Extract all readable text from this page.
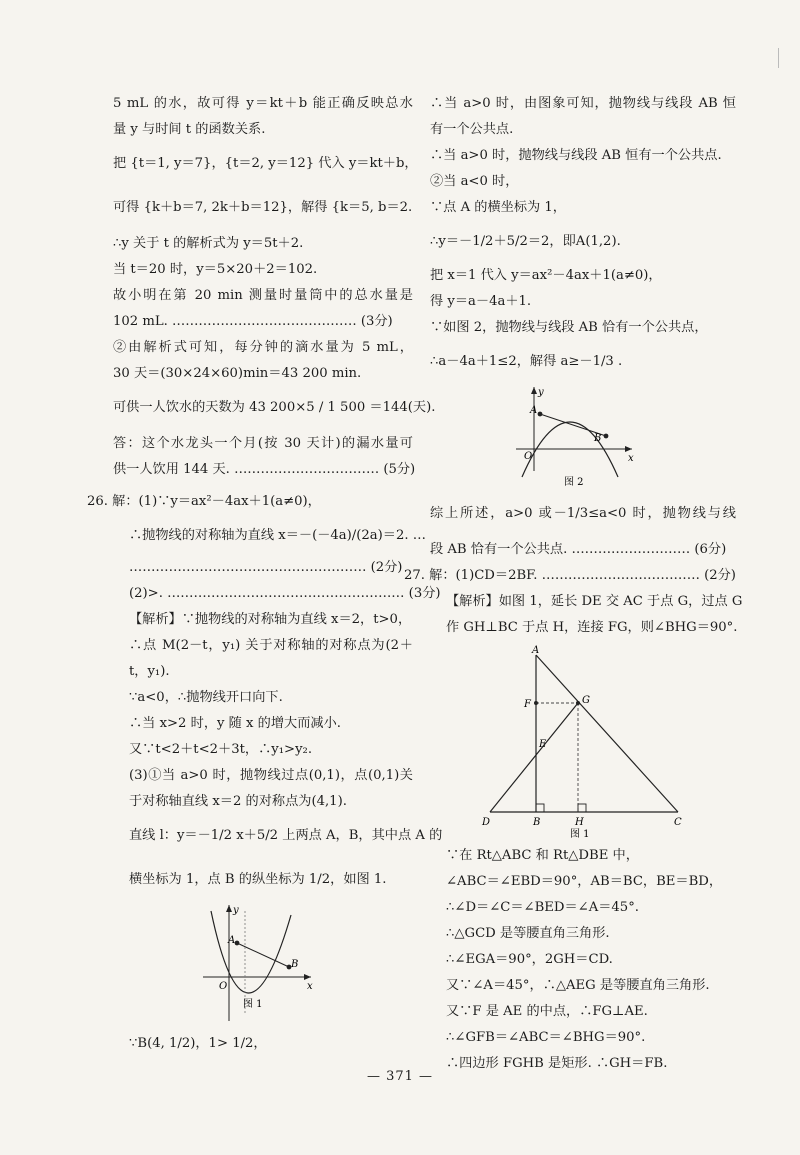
5 mL 的水，故可得 y＝kt＋b 能正确反映总水
量 y 与时间 t 的函数关系.
把 {t＝1, y＝7}，{t＝2, y＝12} 代入 y＝kt＋b，
可得 {k＋b＝7, 2k＋b＝12}，解得 {k＝5, b＝2.
∴y 关于 t 的解析式为 y＝5t＋2.
当 t＝20 时，y＝5×20＋2＝102.
故小明在第 20 min 测量时量筒中的总水量是
102 mL. …………………………………… (3分)
②由解析式可知，每分钟的滴水量为 5 mL，
30 天＝(30×24×60)min＝43 200 min.
可供一人饮水的天数为 43 200×5 / 1 500 ＝144(天).
答：这个水龙头一个月(按 30 天计)的漏水量可
供一人饮用 144 天. …………………………… (5分)
26. 解：(1)∵y＝ax²－4ax＋1(a≠0)，
∴抛物线的对称轴为直线 x＝－(－4a)/(2a)＝2. …
……………………………………………… (2分)
(2)>. ……………………………………………… (3分)
【解析】∵抛物线的对称轴为直线 x＝2，t>0，
∴点 M(2－t，y₁) 关于对称轴的对称点为(2＋
t，y₁).
∵a<0，∴抛物线开口向下.
∴当 x>2 时，y 随 x 的增大而减小.
又∵t<2＋t<2＋3t，∴y₁>y₂.
(3)①当 a>0 时，抛物线过点(0,1)，点(0,1)关
于对称轴直线 x＝2 的对称点为(4,1).
直线 l：y＝－1/2 x＋5/2 上两点 A，B，其中点 A 的
横坐标为 1，点 B 的纵坐标为 1/2，如图 1.
y
A
B
O	x
图 1
∵B(4, 1/2)，1> 1/2，
∴当 a>0 时，由图象可知，抛物线与线段 AB 恒
有一个公共点.
∴当 a>0 时，抛物线与线段 AB 恒有一个公共点.
②当 a<0 时，
∵点 A 的横坐标为 1，
∴y＝－1/2＋5/2＝2，即A(1,2).
把 x＝1 代入 y＝ax²－4ax＋1(a≠0)，
得 y＝a－4a＋1.
∵如图 2，抛物线与线段 AB 恰有一个公共点，
∴a－4a＋1≤2，解得 a≥－1/3 .
y
A
B
O	x
图 2
综上所述，a>0 或－1/3≤a<0 时，抛物线与线
段 AB 恰有一个公共点. ……………………… (6分)
27. 解：(1)CD＝2BF. ……………………………… (2分)
【解析】如图 1，延长 DE 交 AC 于点 G，过点 G
作 GH⊥BC 于点 H，连接 FG，则∠BHG＝90°.
A
F	G
E
D	B	H	C
图 1
∵在 Rt△ABC 和 Rt△DBE 中，
∠ABC＝∠EBD＝90°，AB＝BC，BE＝BD，
∴∠D＝∠C＝∠BED＝∠A＝45°.
∴△GCD 是等腰直角三角形.
∴∠EGA＝90°，2GH＝CD.
又∵∠A＝45°，∴△AEG 是等腰直角三角形.
又∵F 是 AE 的中点，∴FG⊥AE.
∴∠GFB＝∠ABC＝∠BHG＝90°.
∴四边形 FGHB 是矩形. ∴GH＝FB.
— 371 —
